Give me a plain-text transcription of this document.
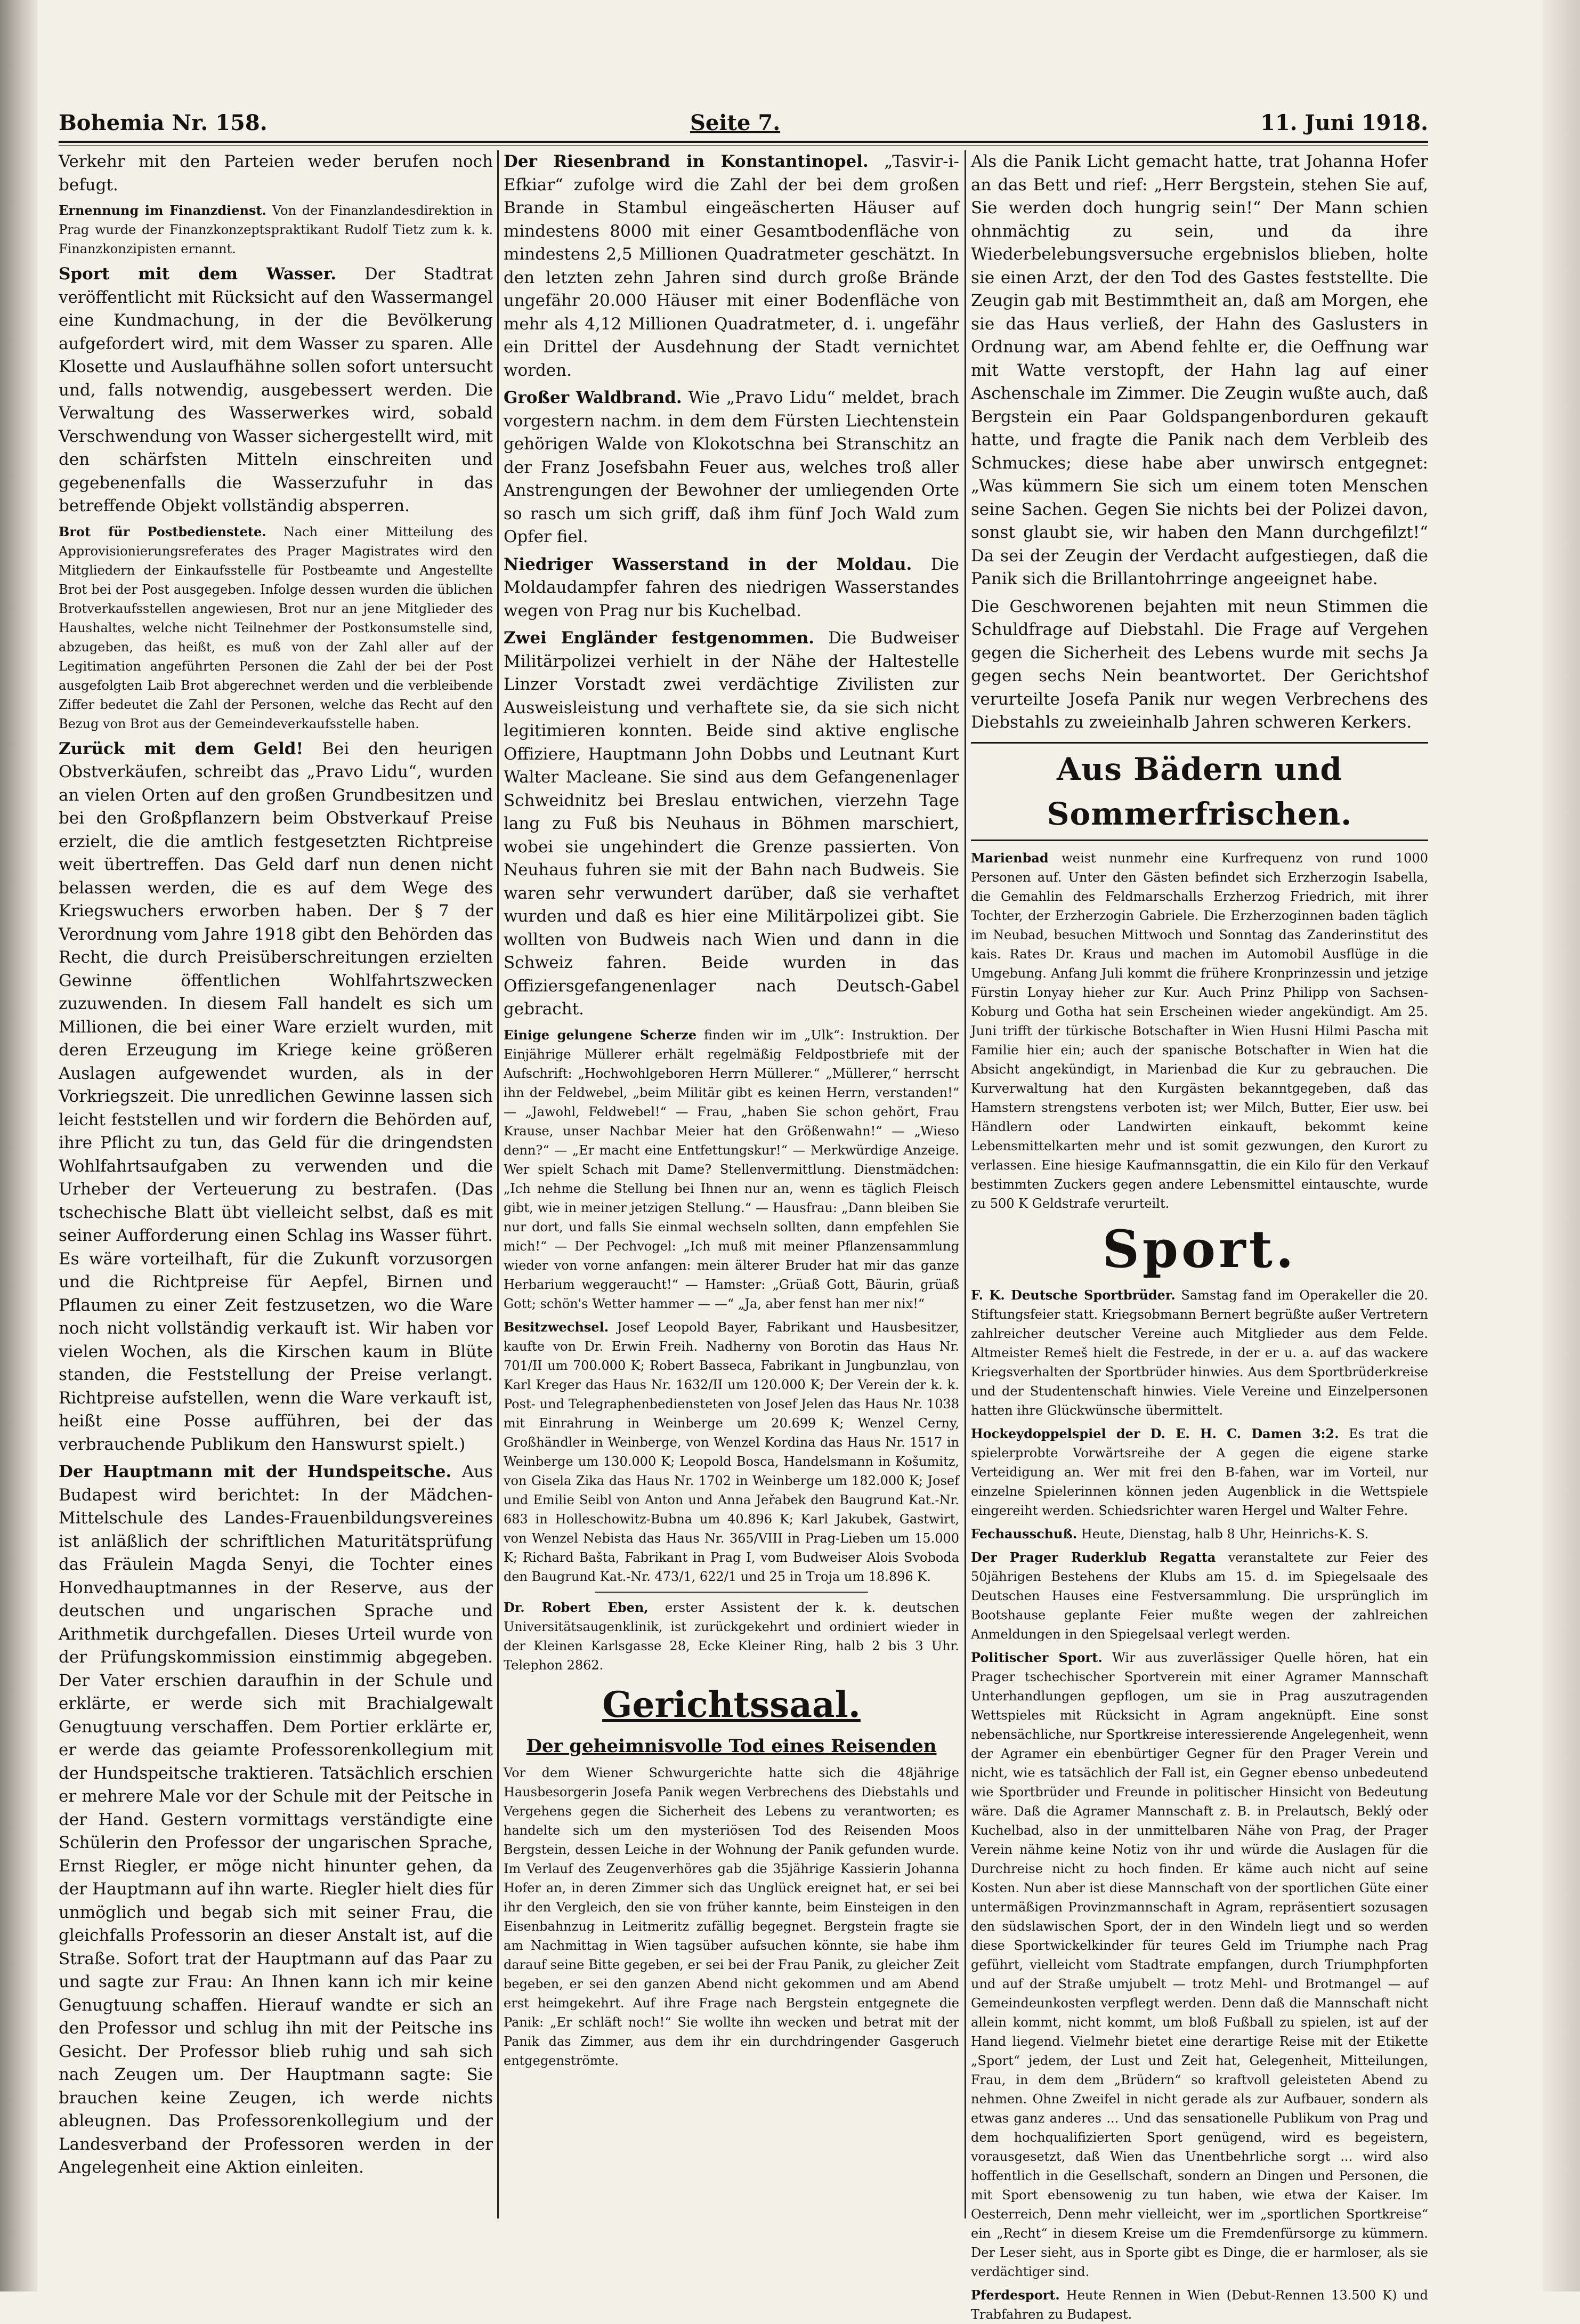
Bohemia Nr. 158.	Seite 7.	11. Juni 1918.

Verkehr mit den Parteien weder berufen noch befugt.

Ernennung im Finanzdienst. Von der Finanzlandesdirektion in Prag wurde der Finanzkonzeptspraktikant Rudolf Tietz zum k. k. Finanzkonzipisten ernannt.

Sport mit dem Wasser. Der Stadtrat veröffentlicht mit Rücksicht auf den Wassermangel eine Kundmachung, in der die Bevölkerung aufgefordert wird, mit dem Wasser zu sparen. Alle Klosette und Auslaufhähne sollen sofort untersucht und, falls notwendig, ausgebessert werden. Die Verwaltung des Wasserwerkes wird, sobald Verschwendung von Wasser sichergestellt wird, mit den schärfsten Mitteln einschreiten und gegebenenfalls die Wasserzufuhr in das betreffende Objekt vollständig absperren.

Brot für Postbedienstete. Nach einer Mitteilung des Approvisionierungsreferates des Prager Magistrates wird den Mitgliedern der Einkaufsstelle für Postbeamte und Angestellte Brot bei der Post ausgegeben. Infolge dessen wurden die üblichen Brotverkaufsstellen angewiesen, Brot nur an jene Mitglieder des Haushaltes, welche nicht Teilnehmer der Postkonsumstelle sind, abzugeben, das heißt, es muß von der Zahl aller auf der Legitimation angeführten Personen die Zahl der bei der Post ausgefolgten Laib Brot abgerechnet werden und die verbleibende Ziffer bedeutet die Zahl der Personen, welche das Recht auf den Bezug von Brot aus der Gemeindeverkaufsstelle haben.

Zurück mit dem Geld! Bei den heurigen Obstverkäufen, schreibt das „Pravo Lidu“, wurden an vielen Orten auf den großen Grundbesitzen und bei den Großpflanzern beim Obstverkauf Preise erzielt, die die amtlich festgesetzten Richtpreise weit übertreffen. Das Geld darf nun denen nicht belassen werden, die es auf dem Wege des Kriegswuchers erworben haben. Der § 7 der Verordnung vom Jahre 1918 gibt den Behörden das Recht, die durch Preisüberschreitungen erzielten Gewinne öffentlichen Wohlfahrtszwecken zuzuwenden. In diesem Fall handelt es sich um Millionen, die bei einer Ware erzielt wurden, mit deren Erzeugung im Kriege keine größeren Auslagen aufgewendet wurden, als in der Vorkriegszeit. Die unredlichen Gewinne lassen sich leicht feststellen und wir fordern die Behörden auf, ihre Pflicht zu tun, das Geld für die dringendsten Wohlfahrtsaufgaben zu verwenden und die Urheber der Verteuerung zu bestrafen. (Das tschechische Blatt übt vielleicht selbst, daß es mit seiner Aufforderung einen Schlag ins Wasser führt. Es wäre vorteilhaft, für die Zukunft vorzusorgen und die Richtpreise für Aepfel, Birnen und Pflaumen zu einer Zeit festzusetzen, wo die Ware noch nicht vollständig verkauft ist. Wir haben vor vielen Wochen, als die Kirschen kaum in Blüte standen, die Feststellung der Preise verlangt. Richtpreise aufstellen, wenn die Ware verkauft ist, heißt eine Posse aufführen, bei der das verbrauchende Publikum den Hanswurst spielt.)

Der Hauptmann mit der Hundspeitsche. Aus Budapest wird berichtet: In der Mädchen-Mittelschule des Landes-Frauenbildungsvereines ist anläßlich der schriftlichen Maturitätsprüfung das Fräulein Magda Senyi, die Tochter eines Honvedhauptmannes in der Reserve, aus der deutschen und ungarischen Sprache und Arithmetik durchgefallen. Dieses Urteil wurde von der Prüfungskommission einstimmig abgegeben. Der Vater erschien daraufhin in der Schule und erklärte, er werde sich mit Brachialgewalt Genugtuung verschaffen. Dem Portier erklärte er, er werde das geiamte Professorenkollegium mit der Hundspeitsche traktieren. Tatsächlich erschien er mehrere Male vor der Schule mit der Peitsche in der Hand. Gestern vormittags verständigte eine Schülerin den Professor der ungarischen Sprache, Ernst Riegler, er möge nicht hinunter gehen, da der Hauptmann auf ihn warte. Riegler hielt dies für unmöglich und begab sich mit seiner Frau, die gleichfalls Professorin an dieser Anstalt ist, auf die Straße. Sofort trat der Hauptmann auf das Paar zu und sagte zur Frau: An Ihnen kann ich mir keine Genugtuung schaffen. Hierauf wandte er sich an den Professor und schlug ihn mit der Peitsche ins Gesicht. Der Professor blieb ruhig und sah sich nach Zeugen um. Der Hauptmann sagte: Sie brauchen keine Zeugen, ich werde nichts ableugnen. Das Professorenkollegium und der Landesverband der Professoren werden in der Angelegenheit eine Aktion einleiten.

Der Riesenbrand in Konstantinopel. „Tasvir-i-Efkiar“ zufolge wird die Zahl der bei dem großen Brande in Stambul eingeäscherten Häuser auf mindestens 8000 mit einer Gesamtbodenfläche von mindestens 2,5 Millionen Quadratmeter geschätzt. In den letzten zehn Jahren sind durch große Brände ungefähr 20.000 Häuser mit einer Bodenfläche von mehr als 4,12 Millionen Quadratmeter, d. i. ungefähr ein Drittel der Ausdehnung der Stadt vernichtet worden.

Großer Waldbrand. Wie „Pravo Lidu“ meldet, brach vorgestern nachm. in dem dem Fürsten Liechtenstein gehörigen Walde von Klokotschna bei Stranschitz an der Franz Josefsbahn Feuer aus, welches troß aller Anstrengungen der Bewohner der umliegenden Orte so rasch um sich griff, daß ihm fünf Joch Wald zum Opfer fiel.

Niedriger Wasserstand in der Moldau. Die Moldaudampfer fahren des niedrigen Wasserstandes wegen von Prag nur bis Kuchelbad.

Zwei Engländer festgenommen. Die Budweiser Militärpolizei verhielt in der Nähe der Haltestelle Linzer Vorstadt zwei verdächtige Zivilisten zur Ausweisleistung und verhaftete sie, da sie sich nicht legitimieren konnten. Beide sind aktive englische Offiziere, Hauptmann John Dobbs und Leutnant Kurt Walter Macleane. Sie sind aus dem Gefangenenlager Schweidnitz bei Breslau entwichen, vierzehn Tage lang zu Fuß bis Neuhaus in Böhmen marschiert, wobei sie ungehindert die Grenze passierten. Von Neuhaus fuhren sie mit der Bahn nach Budweis. Sie waren sehr verwundert darüber, daß sie verhaftet wurden und daß es hier eine Militärpolizei gibt. Sie wollten von Budweis nach Wien und dann in die Schweiz fahren. Beide wurden in das Offiziersgefangenenlager nach Deutsch-Gabel gebracht.

Einige gelungene Scherze finden wir im „Ulk“: Instruktion. Der Einjährige Müllerer erhält regelmäßig Feldpostbriefe mit der Aufschrift: „Hochwohlgeboren Herrn Müllerer.“ „Müllerer,“ herrscht ihn der Feldwebel, „beim Militär gibt es keinen Herrn, verstanden!“ — „Jawohl, Feldwebel!“ — Frau, „haben Sie schon gehört, Frau Krause, unser Nachbar Meier hat den Größenwahn!“ — „Wieso denn?“ — „Er macht eine Entfettungskur!“ — Merkwürdige Anzeige. Wer spielt Schach mit Dame? Stellenvermittlung. Dienstmädchen: „Ich nehme die Stellung bei Ihnen nur an, wenn es täglich Fleisch gibt, wie in meiner jetzigen Stellung.“ — Hausfrau: „Dann bleiben Sie nur dort, und falls Sie einmal wechseln sollten, dann empfehlen Sie mich!“ — Der Pechvogel: „Ich muß mit meiner Pflanzensammlung wieder von vorne anfangen: mein älterer Bruder hat mir das ganze Herbarium weggeraucht!“ — Hamster: „Grüaß Gott, Bäurin, grüaß Gott; schön's Wetter hammer — —“ „Ja, aber fenst han mer nix!“

Besitzwechsel. Josef Leopold Bayer, Fabrikant und Hausbesitzer, kaufte von Dr. Erwin Freih. Nadherny von Borotin das Haus Nr. 701/II um 700.000 K; Robert Basseca, Fabrikant in Jungbunzlau, von Karl Kreger das Haus Nr. 1632/II um 120.000 K; Der Verein der k. k. Post- und Telegraphenbediensteten von Josef Jelen das Haus Nr. 1038 mit Einrahrung in Weinberge um 20.699 K; Wenzel Cerny, Großhändler in Weinberge, von Wenzel Kordina das Haus Nr. 1517 in Weinberge um 130.000 K; Leopold Bosca, Handelsmann in Košumitz, von Gisela Zika das Haus Nr. 1702 in Weinberge um 182.000 K; Josef und Emilie Seibl von Anton und Anna Jeřabek den Baugrund Kat.-Nr. 683 in Holleschowitz-Bubna um 40.896 K; Karl Jakubek, Gastwirt, von Wenzel Nebista das Haus Nr. 365/VIII in Prag-Lieben um 15.000 K; Richard Bašta, Fabrikant in Prag I, vom Budweiser Alois Svoboda den Baugrund Kat.-Nr. 473/1, 622/1 und 25 in Troja um 18.896 K.

Dr. Robert Eben, erster Assistent der k. k. deutschen Universitätsaugenklinik, ist zurückgekehrt und ordiniert wieder in der Kleinen Karlsgasse 28, Ecke Kleiner Ring, halb 2 bis 3 Uhr. Telephon 2862.

Gerichtssaal.
Der geheimnisvolle Tod eines Reisenden

Vor dem Wiener Schwurgerichte hatte sich die 48jährige Hausbesorgerin Josefa Panik wegen Verbrechens des Diebstahls und Vergehens gegen die Sicherheit des Lebens zu verantworten; es handelte sich um den mysteriösen Tod des Reisenden Moos Bergstein, dessen Leiche in der Wohnung der Panik gefunden wurde. Im Verlauf des Zeugenverhöres gab die 35jährige Kassierin Johanna Hofer an, in deren Zimmer sich das Unglück ereignet hat, er sei bei ihr den Vergleich, den sie von früher kannte, beim Einsteigen in den Eisenbahnzug in Leitmeritz zufällig begegnet. Bergstein fragte sie am Nachmittag in Wien tagsüber aufsuchen könnte, sie habe ihm darauf seine Bitte gegeben, er sei bei der Frau Panik, zu gleicher Zeit begeben, er sei den ganzen Abend nicht gekommen und am Abend erst heimgekehrt. Auf ihre Frage nach Bergstein entgegnete die Panik: „Er schläft noch!“ Sie wollte ihn wecken und betrat mit der Panik das Zimmer, aus dem ihr ein durchdringender Gasgeruch entgegenströmte.

Als die Panik Licht gemacht hatte, trat Johanna Hofer an das Bett und rief: „Herr Bergstein, stehen Sie auf, Sie werden doch hungrig sein!“ Der Mann schien ohnmächtig zu sein, und da ihre Wiederbelebungsversuche ergebnislos blieben, holte sie einen Arzt, der den Tod des Gastes feststellte. Die Zeugin gab mit Bestimmtheit an, daß am Morgen, ehe sie das Haus verließ, der Hahn des Gaslusters in Ordnung war, am Abend fehlte er, die Oeffnung war mit Watte verstopft, der Hahn lag auf einer Aschenschale im Zimmer. Die Zeugin wußte auch, daß Bergstein ein Paar Goldspangenborduren gekauft hatte, und fragte die Panik nach dem Verbleib des Schmuckes; diese habe aber unwirsch entgegnet: „Was kümmern Sie sich um einem toten Menschen seine Sachen. Gegen Sie nichts bei der Polizei davon, sonst glaubt sie, wir haben den Mann durchgefilzt!“ Da sei der Zeugin der Verdacht aufgestiegen, daß die Panik sich die Brillantohrringe angeeignet habe.

Die Geschworenen bejahten mit neun Stimmen die Schuldfrage auf Diebstahl. Die Frage auf Vergehen gegen die Sicherheit des Lebens wurde mit sechs Ja gegen sechs Nein beantwortet. Der Gerichtshof verurteilte Josefa Panik nur wegen Verbrechens des Diebstahls zu zweieinhalb Jahren schweren Kerkers.

Aus Bädern und Sommerfrischen.

Marienbad weist nunmehr eine Kurfrequenz von rund 1000 Personen auf. Unter den Gästen befindet sich Erzherzogin Isabella, die Gemahlin des Feldmarschalls Erzherzog Friedrich, mit ihrer Tochter, der Erzherzogin Gabriele. Die Erzherzoginnen baden täglich im Neubad, besuchen Mittwoch und Sonntag das Zanderinstitut des kais. Rates Dr. Kraus und machen im Automobil Ausflüge in die Umgebung. Anfang Juli kommt die frühere Kronprinzessin und jetzige Fürstin Lonyay hieher zur Kur. Auch Prinz Philipp von Sachsen-Koburg und Gotha hat sein Erscheinen wieder angekündigt. Am 25. Juni trifft der türkische Botschafter in Wien Husni Hilmi Pascha mit Familie hier ein; auch der spanische Botschafter in Wien hat die Absicht angekündigt, in Marienbad die Kur zu gebrauchen. Die Kurverwaltung hat den Kurgästen bekanntgegeben, daß das Hamstern strengstens verboten ist; wer Milch, Butter, Eier usw. bei Händlern oder Landwirten einkauft, bekommt keine Lebensmittelkarten mehr und ist somit gezwungen, den Kurort zu verlassen. Eine hiesige Kaufmannsgattin, die ein Kilo für den Verkauf bestimmten Zuckers gegen andere Lebensmittel eintauschte, wurde zu 500 K Geldstrafe verurteilt.

Sport.

F. K. Deutsche Sportbrüder. Samstag fand im Operakeller die 20. Stiftungsfeier statt. Kriegsobmann Bernert begrüßte außer Vertretern zahlreicher deutscher Vereine auch Mitglieder aus dem Felde. Altmeister Remeš hielt die Festrede, in der er u. a. auf das wackere Kriegsverhalten der Sportbrüder hinwies. Aus dem Sportbrüderkreise und der Studentenschaft hinwies. Viele Vereine und Einzelpersonen hatten ihre Glückwünsche übermittelt.

Hockeydoppelspiel der D. E. H. C. Damen 3:2. Es trat die spielerprobte Vorwärtsreihe der A gegen die eigene starke Verteidigung an. Wer mit frei den B-fahen, war im Vorteil, nur einzelne Spielerinnen können jeden Augenblick in die Wettspiele eingereiht werden. Schiedsrichter waren Hergel und Walter Fehre.

Fechausschuß. Heute, Dienstag, halb 8 Uhr, Heinrichs-K. S.

Der Prager Ruderklub Regatta veranstaltete zur Feier des 50jährigen Bestehens der Klubs am 15. d. im Spiegelsaale des Deutschen Hauses eine Festversammlung. Die ursprünglich im Bootshause geplante Feier mußte wegen der zahlreichen Anmeldungen in den Spiegelsaal verlegt werden.

Politischer Sport. Wir aus zuverlässiger Quelle hören, hat ein Prager tschechischer Sportverein mit einer Agramer Mannschaft Unterhandlungen gepflogen, um sie in Prag auszutragenden Wettspieles mit Rücksicht in Agram angeknüpft. Eine sonst nebensächliche, nur Sportkreise interessierende Angelegenheit, wenn der Agramer ein ebenbürtiger Gegner für den Prager Verein und nicht, wie es tatsächlich der Fall ist, ein Gegner ebenso unbedeutend wie Sportbrüder und Freunde in politischer Hinsicht von Bedeutung wäre. Daß die Agramer Mannschaft z. B. in Prelautsch, Beklý oder Kuchelbad, also in der unmittelbaren Nähe von Prag, der Prager Verein nähme keine Notiz von ihr und würde die Auslagen für die Durchreise nicht zu hoch finden. Er käme auch nicht auf seine Kosten. Nun aber ist diese Mannschaft von der sportlichen Güte einer untermäßigen Provinzmannschaft in Agram, repräsentiert sozusagen den südslawischen Sport, der in den Windeln liegt und so werden diese Sportwickelkinder für teures Geld im Triumphe nach Prag geführt, vielleicht vom Stadtrate empfangen, durch Triumphpforten und auf der Straße umjubelt — trotz Mehl- und Brotmangel — auf Gemeindeunkosten verpflegt werden. Denn daß die Mannschaft nicht allein kommt, nicht kommt, um bloß Fußball zu spielen, ist auf der Hand liegend. Vielmehr bietet eine derartige Reise mit der Etikette „Sport“ jedem, der Lust und Zeit hat, Gelegenheit, Mitteilungen, Frau, in dem dem „Brüdern“ so kraftvoll geleisteten Abend zu nehmen. Ohne Zweifel in nicht gerade als zur Aufbauer, sondern als etwas ganz anderes ... Und das sensationelle Publikum von Prag und dem hochqualifizierten Sport genügend, wird es begeistern, vorausgesetzt, daß Wien das Unentbehrliche sorgt ... wird also hoffentlich in die Gesellschaft, sondern an Dingen und Personen, die mit Sport ebensowenig zu tun haben, wie etwa der Kaiser. Im Oesterreich, Denn mehr vielleicht, wer im „sportlichen Sportkreise“ ein „Recht“ in diesem Kreise um die Fremdenfürsorge zu kümmern. Der Leser sieht, aus in Sporte gibt es Dinge, die er harmloser, als sie verdächtiger sind.

Pferdesport. Heute Rennen in Wien (Debut-Rennen 13.500 K) und Trabfahren zu Budapest.
